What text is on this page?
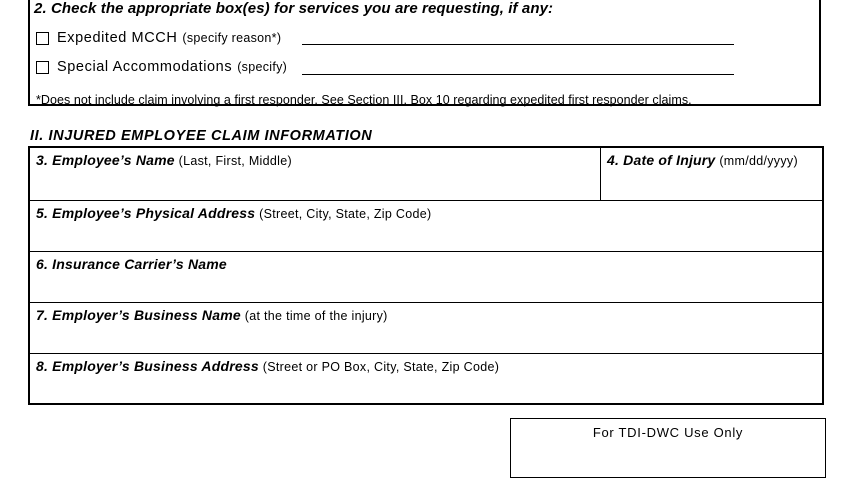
2. Check the appropriate box(es) for services you are requesting, if any:
Expedited MCCH (specify reason*)
Special Accommodations (specify)
*Does not include claim involving a first responder. See Section III, Box 10 regarding expedited first responder claims.
II. INJURED EMPLOYEE CLAIM INFORMATION
3. Employee’s Name (Last, First, Middle)	4. Date of Injury (mm/dd/yyyy)
5. Employee’s Physical Address (Street, City, State, Zip Code)
6. Insurance Carrier’s Name
7. Employer’s Business Name (at the time of the injury)
8. Employer’s Business Address (Street or PO Box, City, State, Zip Code)
For TDI-DWC Use Only
